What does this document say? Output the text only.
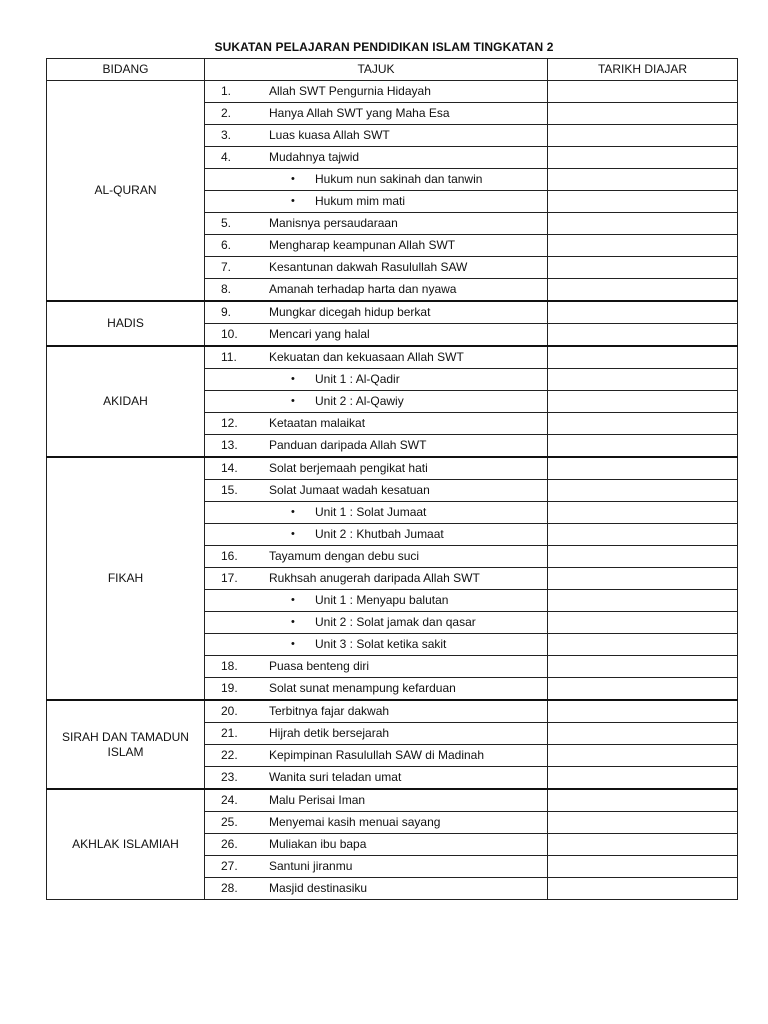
SUKATAN PELAJARAN PENDIDIKAN ISLAM TINGKATAN 2
BIDANG	TAJUK	TARIKH DIAJAR
AL-QURAN	1. Allah SWT Pengurnia Hidayah	

	2. Hanya Allah SWT yang Maha Esa	

	3. Luas kuasa Allah SWT	

	4. Mudahnya tajwid	

	• Hukum nun sakinah dan tanwin	

	• Hukum mim mati	

	5. Manisnya persaudaraan	

	6. Mengharap keampunan Allah SWT	

	7. Kesantunan dakwah Rasulullah SAW	

	8. Amanah terhadap harta dan nyawa	

HADIS	9. Mungkar dicegah hidup berkat	

	10. Mencari yang halal	

AKIDAH	11. Kekuatan dan kekuasaan Allah SWT	

	• Unit 1 : Al-Qadir	

	• Unit 2 : Al-Qawiy	

	12. Ketaatan malaikat	

	13. Panduan daripada Allah SWT	

FIKAH	14. Solat berjemaah pengikat hati	

	15. Solat Jumaat wadah kesatuan	

	• Unit 1 : Solat Jumaat	

	• Unit 2 : Khutbah Jumaat	

	16. Tayamum dengan debu suci	

	17. Rukhsah anugerah daripada Allah SWT	

	• Unit 1 : Menyapu balutan	

	• Unit 2 : Solat jamak dan qasar	

	• Unit 3 : Solat ketika sakit	

	18. Puasa benteng diri	

	19. Solat sunat menampung kefarduan	

SIRAH DAN TAMADUN ISLAM	20. Terbitnya fajar dakwah	

	21. Hijrah detik bersejarah	

	22. Kepimpinan Rasulullah SAW di Madinah	

	23. Wanita suri teladan umat	

AKHLAK ISLAMIAH	24. Malu Perisai Iman	

	25. Menyemai kasih menuai sayang	

	26. Muliakan ibu bapa	

	27. Santuni jiranmu	

	28. Masjid destinasiku	
